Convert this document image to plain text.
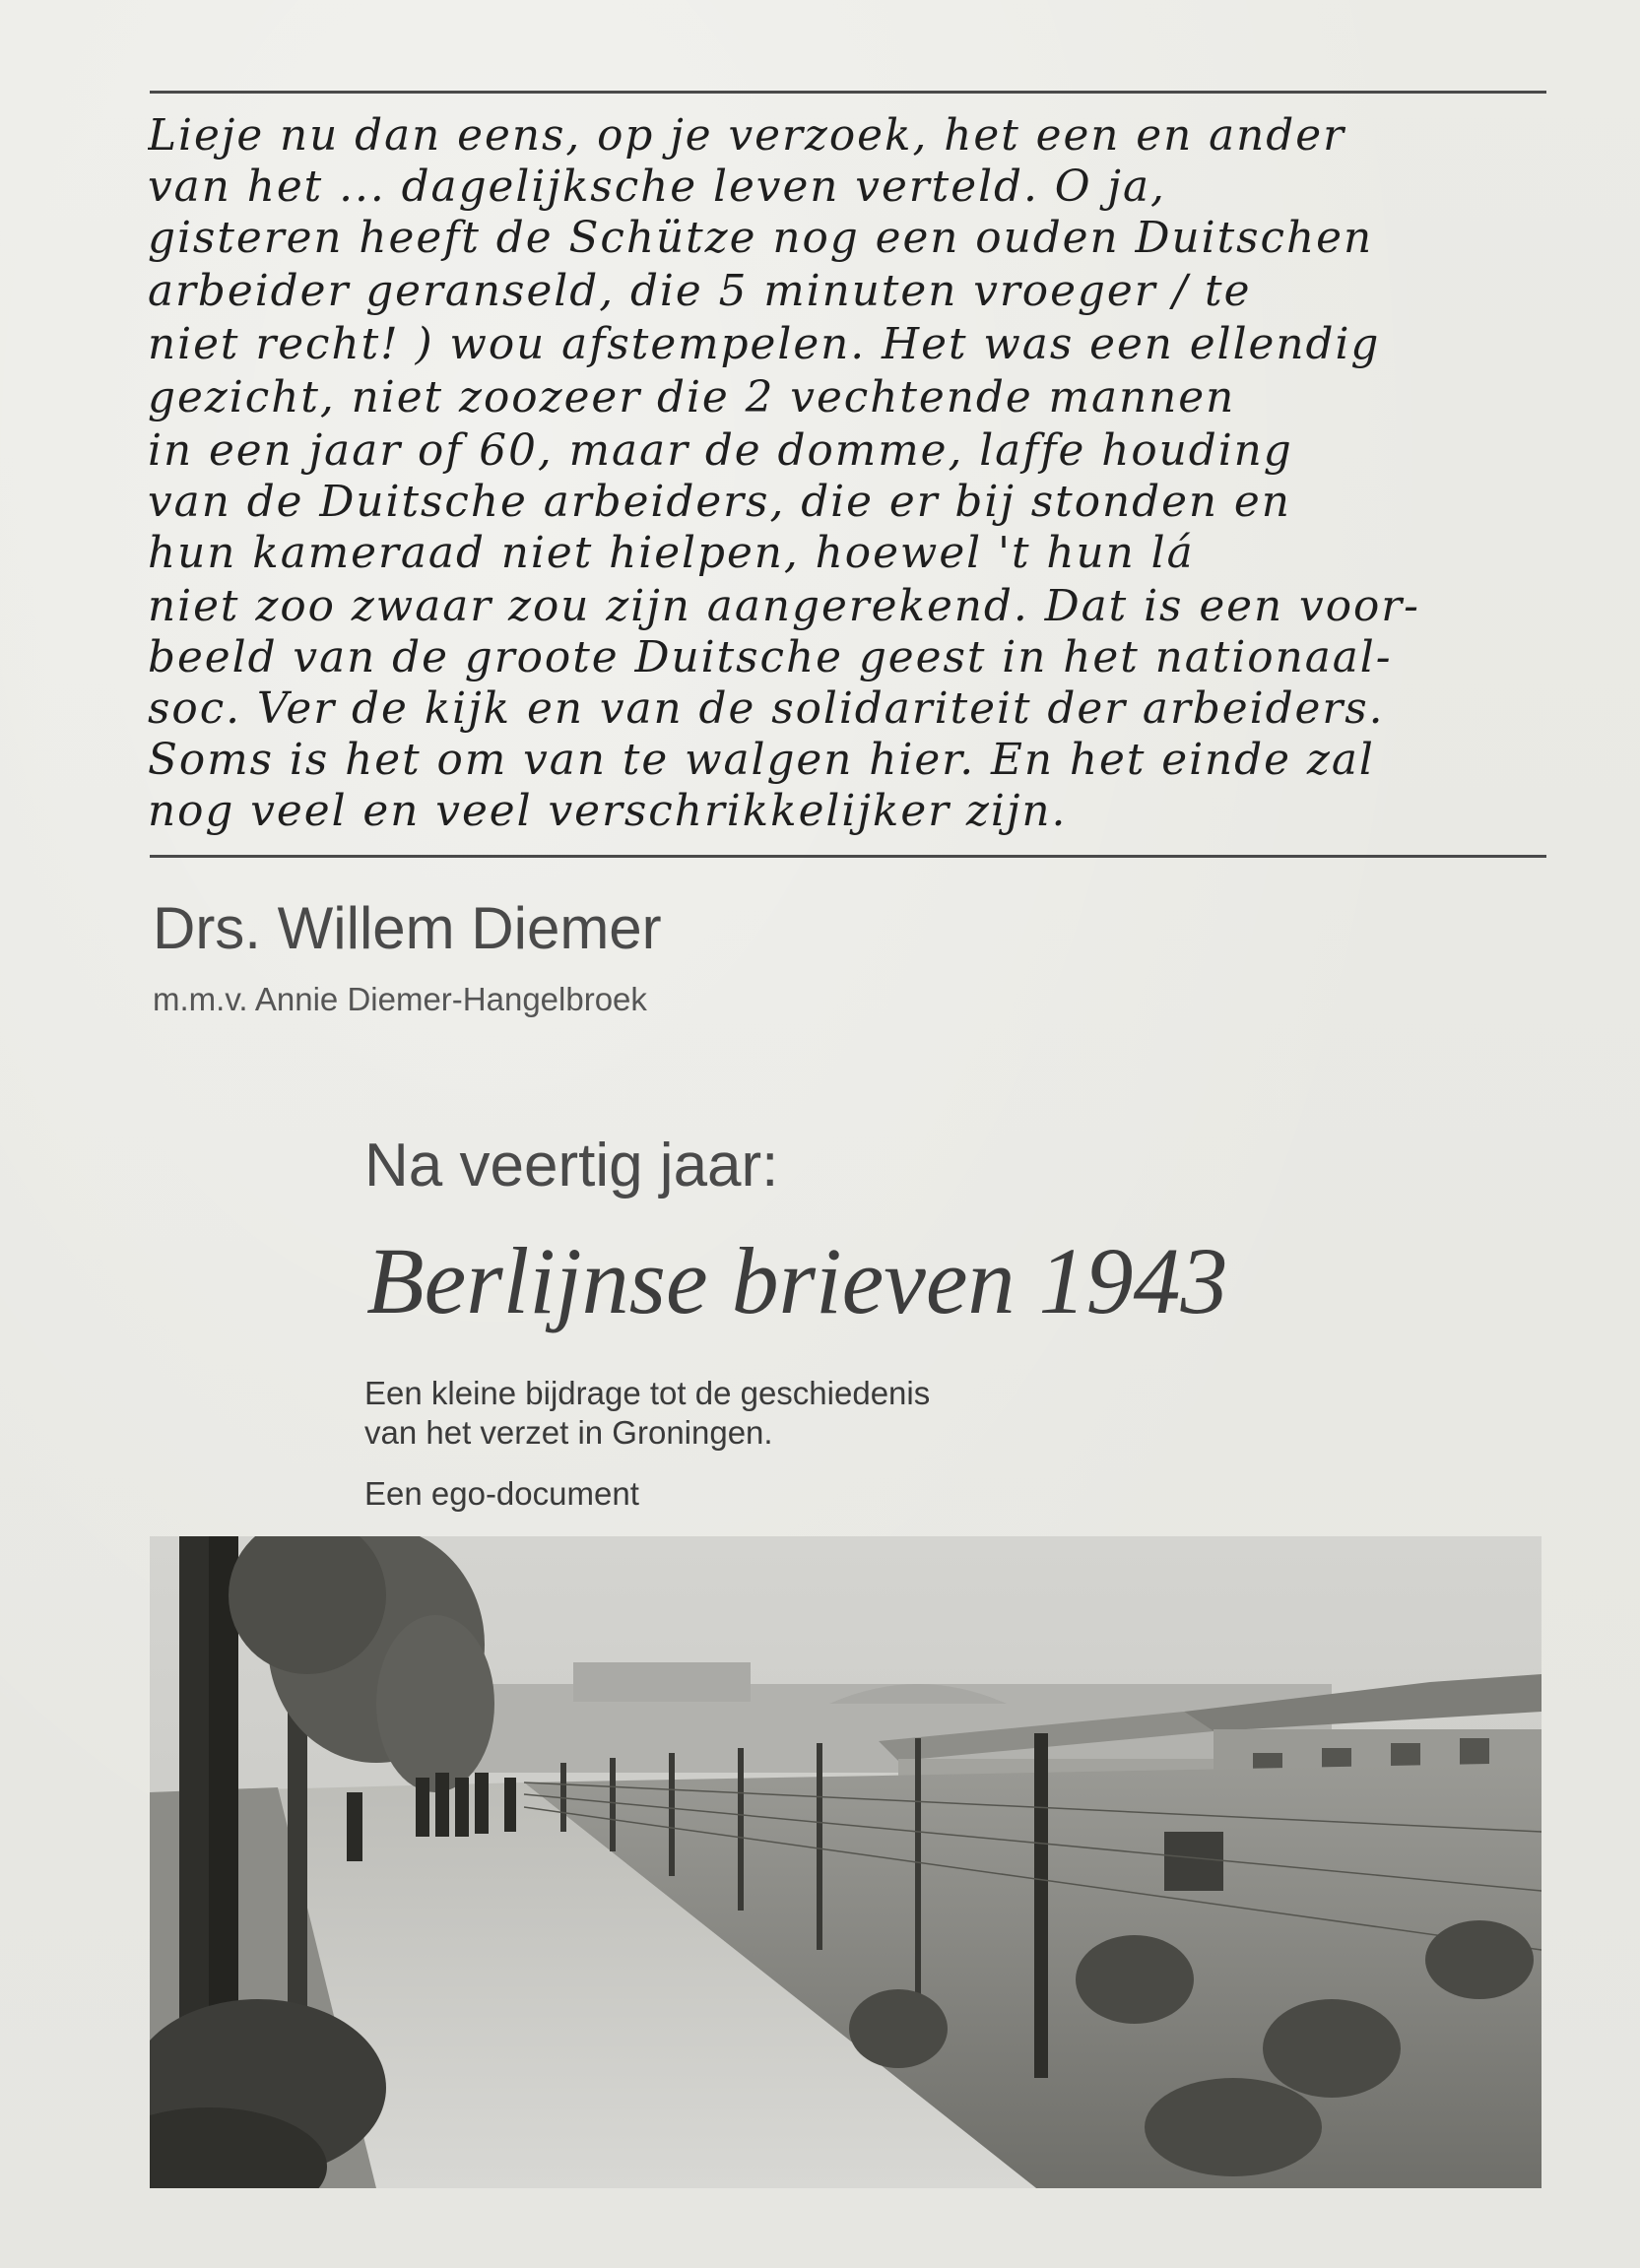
Lieje nu dan eens, op je verzoek, het een en ander
van het ... dagelijksche leven verteld. O ja,
gisteren heeft de Schütze nog een ouden Duitschen
arbeider geranseld, die 5 minuten vroeger / te
niet recht! ) wou afstempelen. Het was een ellendig
gezicht, niet zoozeer die 2 vechtende mannen
in een jaar of 60, maar de domme, laffe houding
van de Duitsche arbeiders, die er bij stonden en
hun kameraad niet hielpen, hoewel 't hun lá
niet zoo zwaar zou zijn aangerekend. Dat is een voor-
beeld van de groote Duitsche geest in het nationaal-
soc. Ver de kijk en van de solidariteit der arbeiders.
Soms is het om van te walgen hier. En het einde zal
nog veel en veel verschrikkelijker zijn.
Drs. Willem Diemer
m.m.v. Annie Diemer-Hangelbroek
Na veertig jaar:
Berlijnse brieven 1943
Een kleine bijdrage tot de geschiedenis
van het verzet in Groningen.
Een ego-document
